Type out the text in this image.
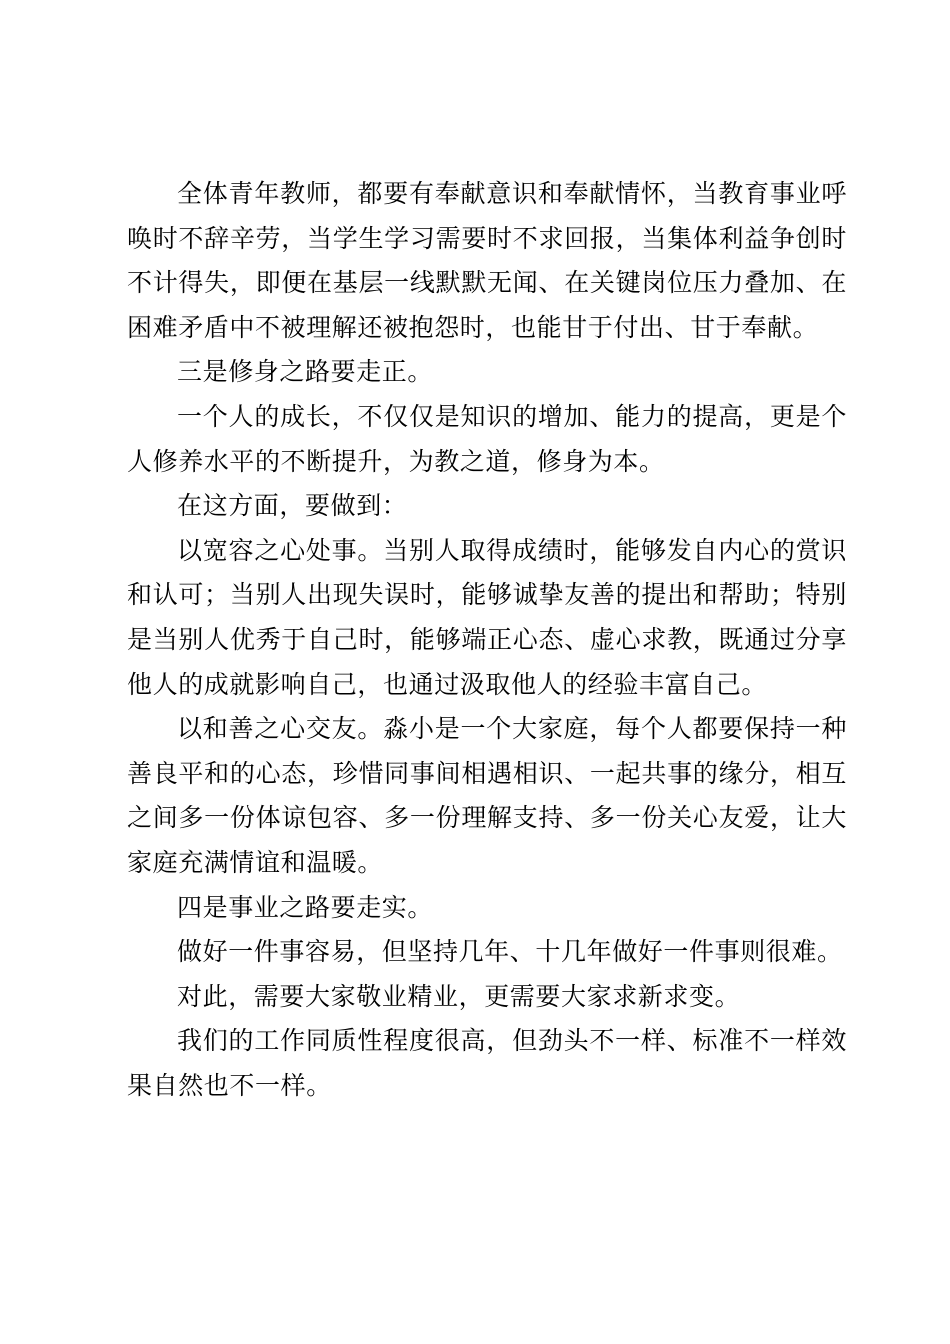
全体青年教师，都要有奉献意识和奉献情怀，当教育事业呼唤时不辞辛劳，当学生学习需要时不求回报，当集体利益争创时不计得失，即便在基层一线默默无闻、在关键岗位压力叠加、在困难矛盾中不被理解还被抱怨时，也能甘于付出、甘于奉献。

三是修身之路要走正。

一个人的成长，不仅仅是知识的增加、能力的提高，更是个人修养水平的不断提升，为教之道，修身为本。

在这方面，要做到：

以宽容之心处事。当别人取得成绩时，能够发自内心的赏识和认可；当别人出现失误时，能够诚挚友善的提出和帮助；特别是当别人优秀于自己时，能够端正心态、虚心求教，既通过分享他人的成就影响自己，也通过汲取他人的经验丰富自己。

以和善之心交友。淼小是一个大家庭，每个人都要保持一种善良平和的心态，珍惜同事间相遇相识、一起共事的缘分，相互之间多一份体谅包容、多一份理解支持、多一份关心友爱，让大家庭充满情谊和温暖。

四是事业之路要走实。

做好一件事容易，但坚持几年、十几年做好一件事则很难。

对此，需要大家敬业精业，更需要大家求新求变。

我们的工作同质性程度很高，但劲头不一样、标准不一样效果自然也不一样。
